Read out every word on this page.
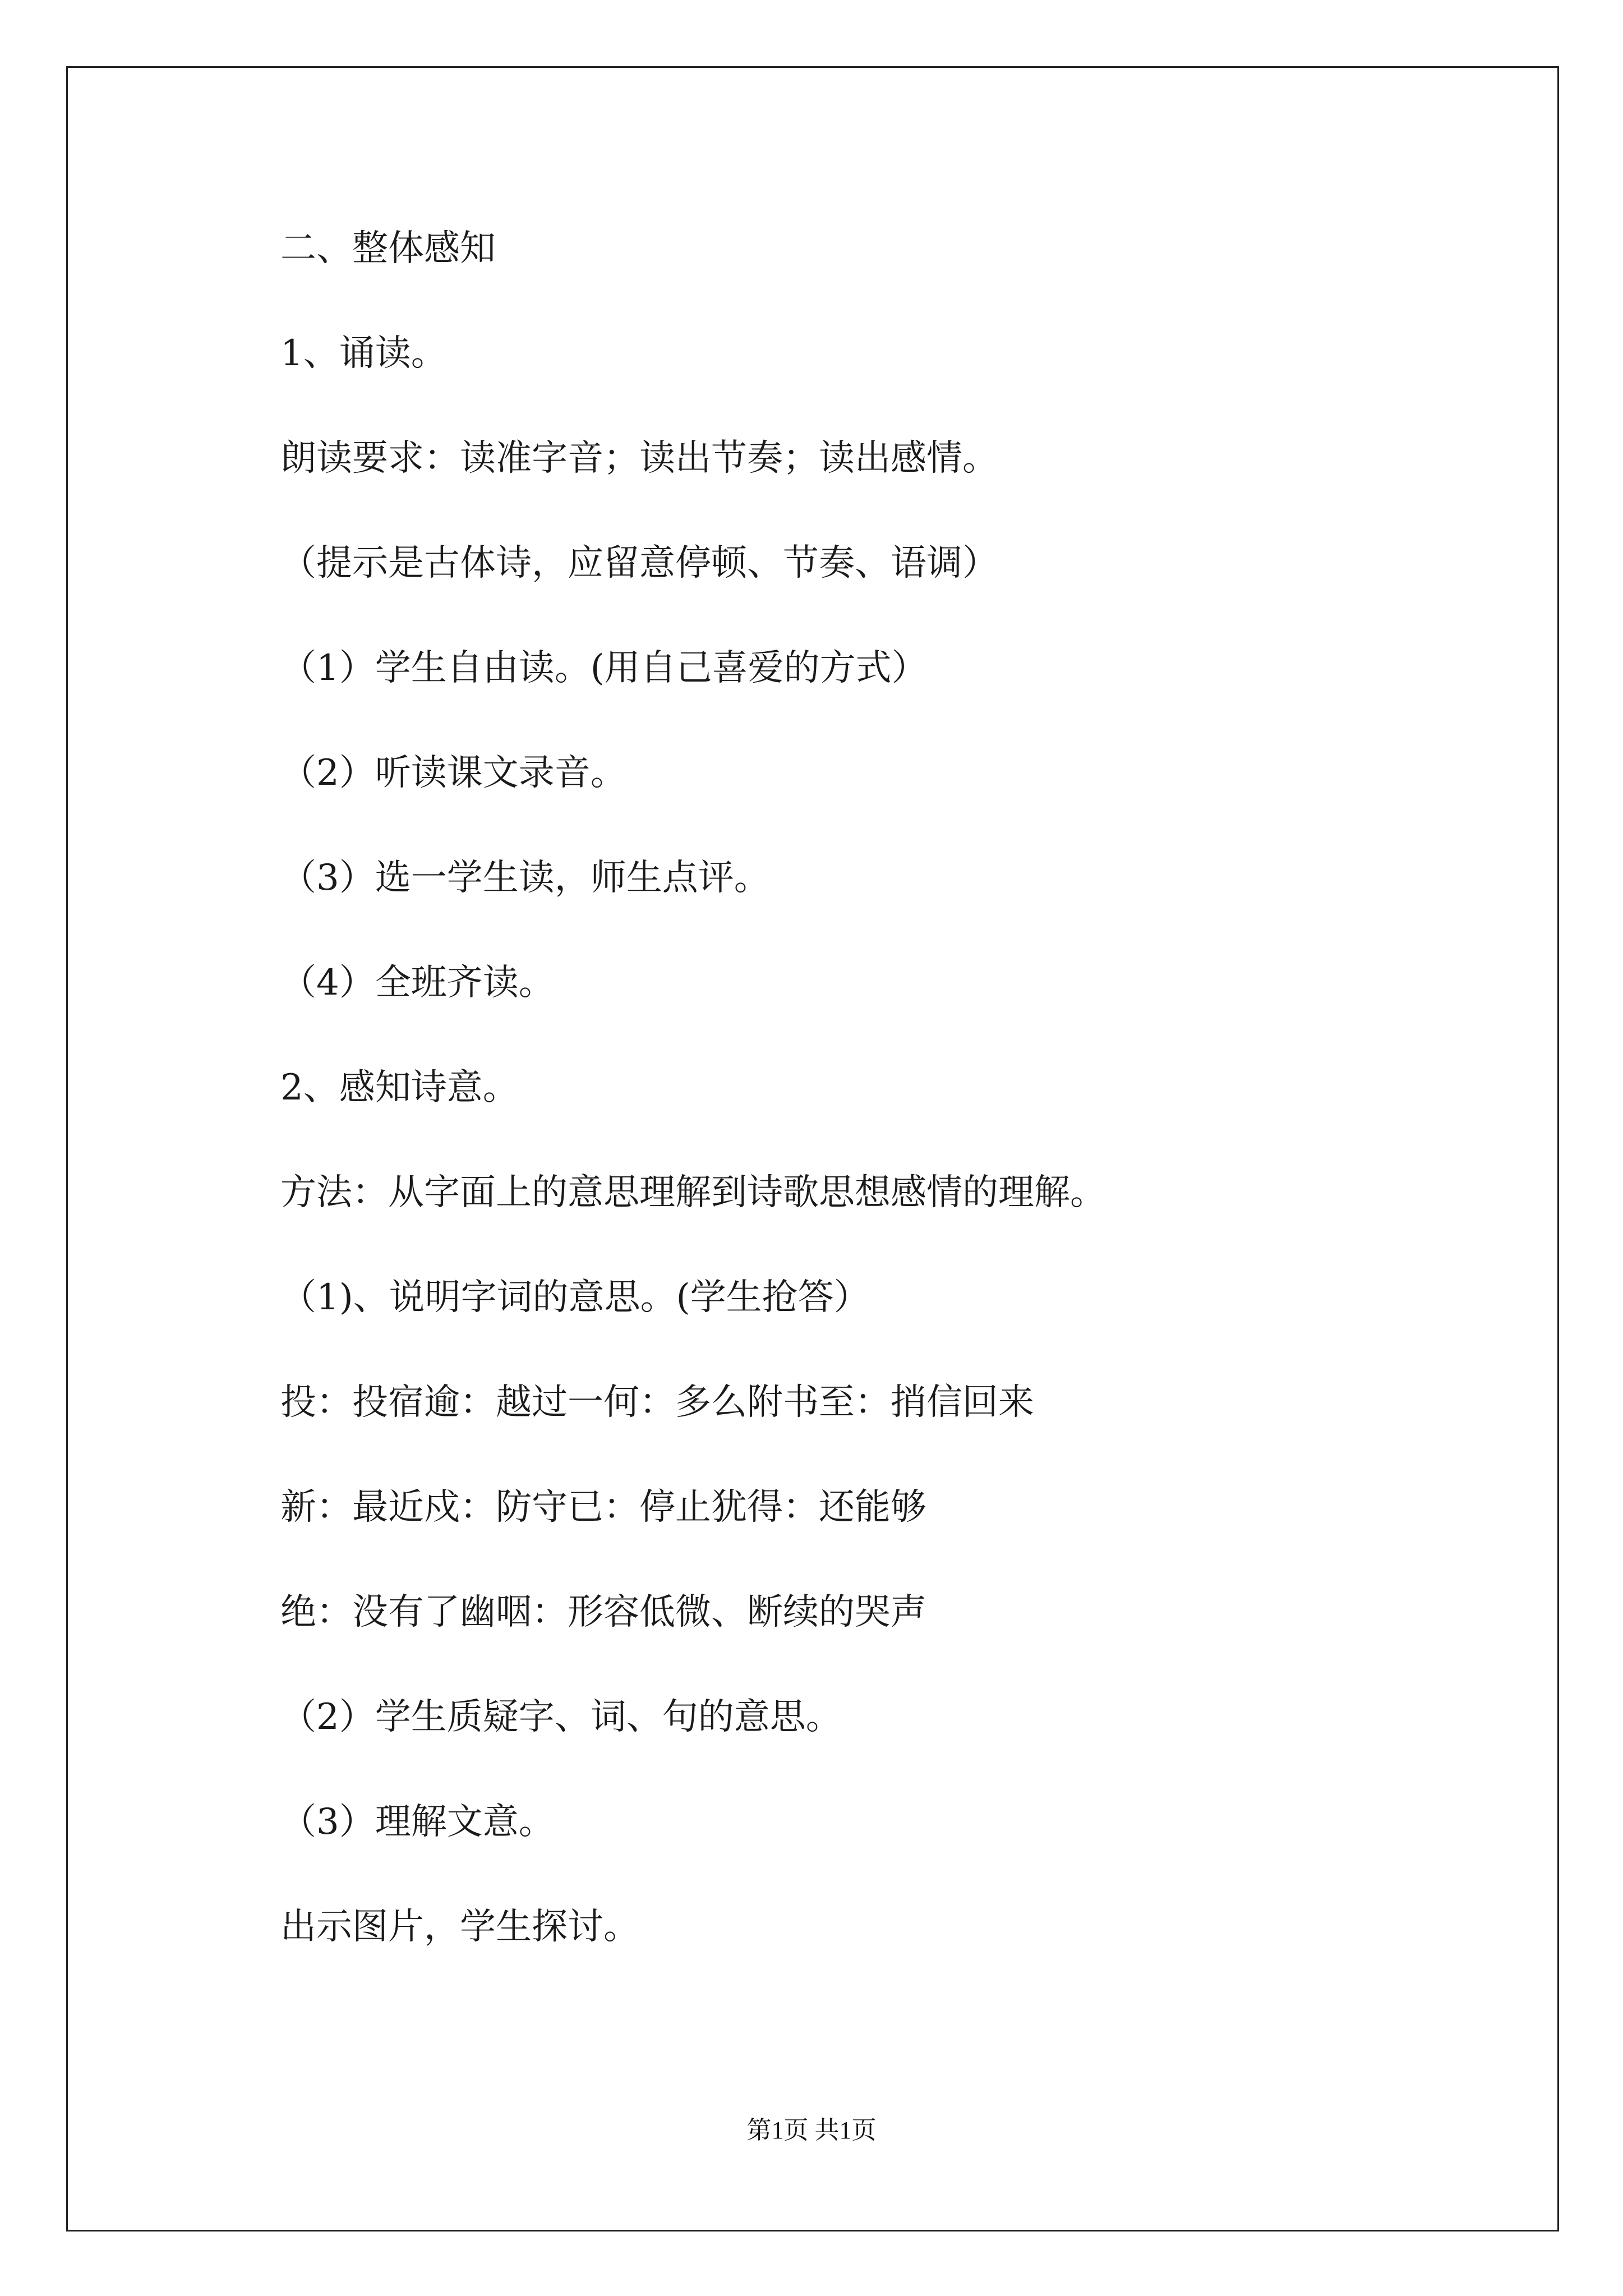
二、整体感知
1、诵读。
朗读要求：读准字音；读出节奏；读出感情。
（提示是古体诗，应留意停顿、节奏、语调）
（1）学生自由读。(用自己喜爱的方式）
（2）听读课文录音。
（3）选一学生读，师生点评。
（4）全班齐读。
2、感知诗意。
方法：从字面上的意思理解到诗歌思想感情的理解。
（1)、说明字词的意思。(学生抢答）
投：投宿逾：越过一何：多么附书至：捎信回来
新：最近戍：防守已：停止犹得：还能够
绝：没有了幽咽：形容低微、断续的哭声
（2）学生质疑字、词、句的意思。
（3）理解文意。
出示图片，学生探讨。
第1页 共1页
